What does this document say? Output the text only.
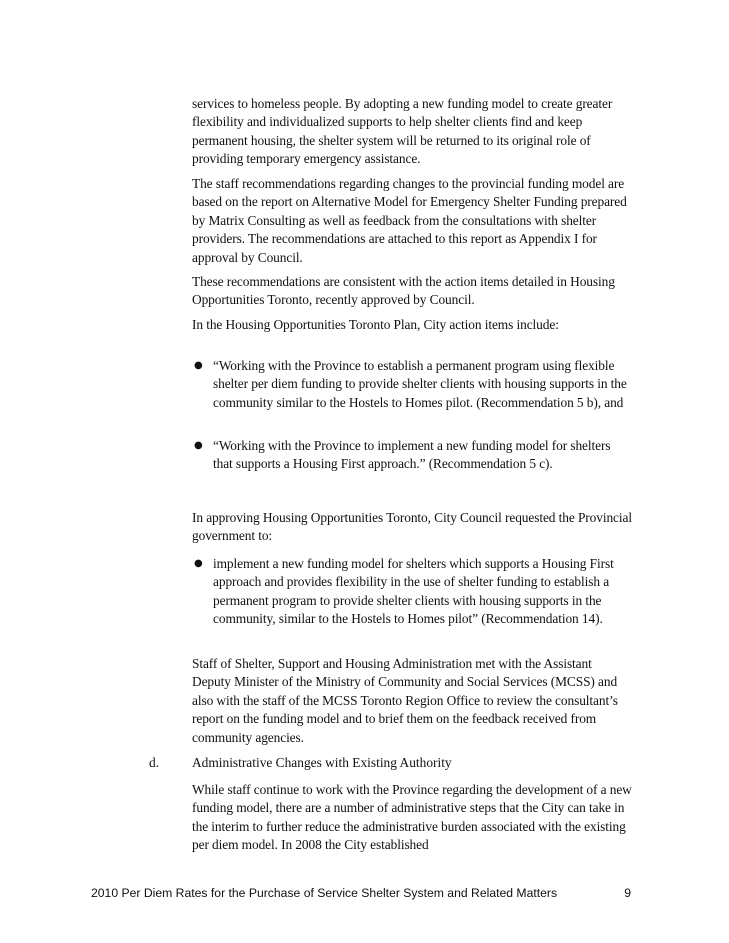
services to homeless people. By adopting a new funding model to create greater flexibility and individualized supports to help shelter clients find and keep permanent housing, the shelter system will be returned to its original role of providing temporary emergency assistance.

The staff recommendations regarding changes to the provincial funding model are based on the report on Alternative Model for Emergency Shelter Funding prepared by Matrix Consulting as well as feedback from the consultations with shelter providers. The recommendations are attached to this report as Appendix I for approval by Council.

These recommendations are consistent with the action items detailed in Housing Opportunities Toronto, recently approved by Council.

In the Housing Opportunities Toronto Plan, City action items include:

● “Working with the Province to establish a permanent program using flexible shelter per diem funding to provide shelter clients with housing supports in the community similar to the Hostels to Homes pilot. (Recommendation 5 b), and

● “Working with the Province to implement a new funding model for shelters that supports a Housing First approach.” (Recommendation 5 c).

In approving Housing Opportunities Toronto, City Council requested the Provincial government to:

● implement a new funding model for shelters which supports a Housing First approach and provides flexibility in the use of shelter funding to establish a permanent program to provide shelter clients with housing supports in the community, similar to the Hostels to Homes pilot” (Recommendation 14).

Staff of Shelter, Support and Housing Administration met with the Assistant Deputy Minister of the Ministry of Community and Social Services (MCSS) and also with the staff of the MCSS Toronto Region Office to review the consultant’s report on the funding model and to brief them on the feedback received from community agencies.

d. Administrative Changes with Existing Authority

While staff continue to work with the Province regarding the development of a new funding model, there are a number of administrative steps that the City can take in the interim to further reduce the administrative burden associated with the existing per diem model. In 2008 the City established

2010 Per Diem Rates for the Purchase of Service Shelter System and Related Matters	9
